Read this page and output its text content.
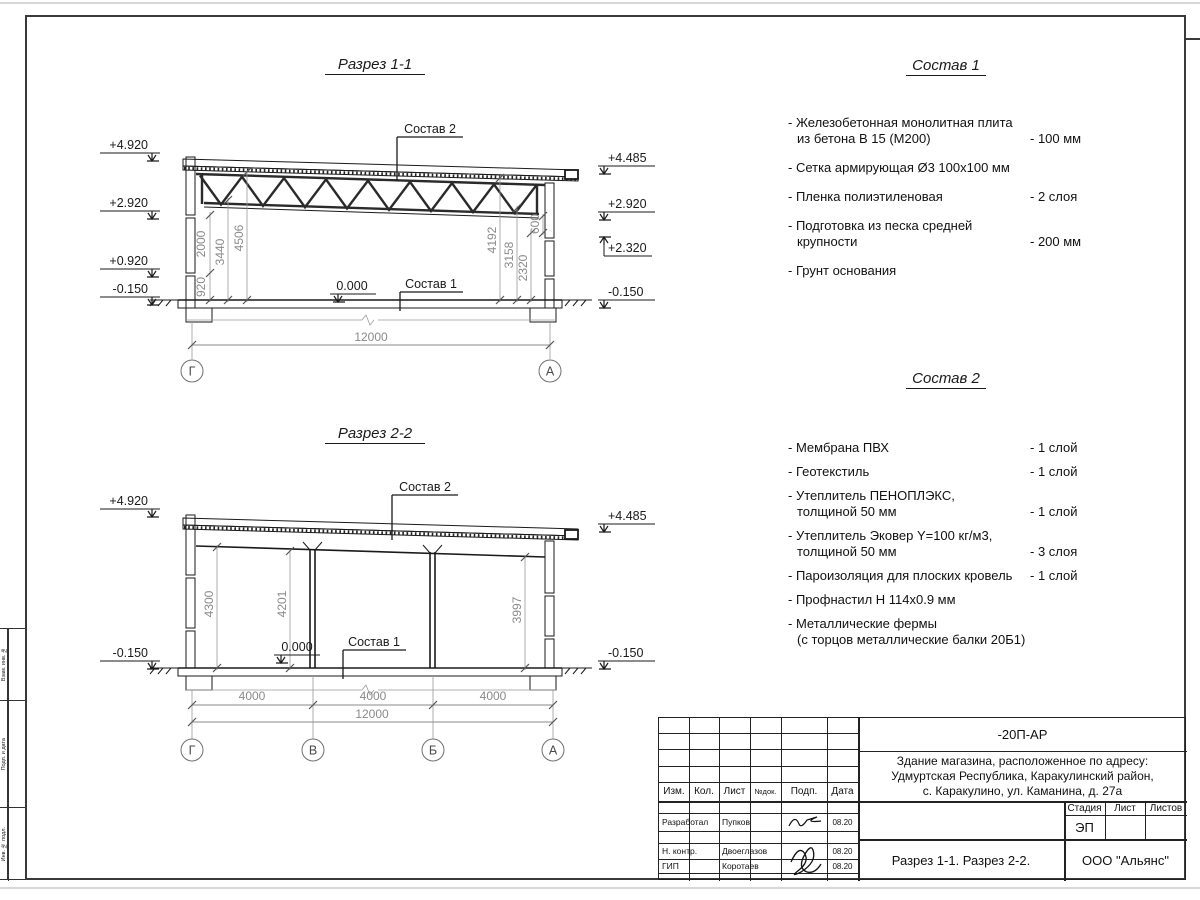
Разрез 1-1
Разрез 2-2
Состав 1
Состав 2
920
2000 3440
4506	4192
3158 2320
600
Состав 2
Состав 1
0.000
+4.920
+2.920
+0.920
-0.150
+4.485
+2.920
+2.320
-0.150
12000
Г	А
4300	4201	3997
Состав 2
Состав 1
0.000
+4.920
-0.150
+4.485
-0.150
4000	4000	4000
12000
Г	В	Б	А
- Железобетонная монолитная плита
из бетона В 15 (М200)	- 100 мм
- Сетка армирующая Ø3 100х100 мм
- Пленка полиэтиленовая	- 2 слоя
- Подготовка из песка средней
крупности	- 200 мм
- Грунт основания
- Мембрана ПВХ	- 1 слой
- Геотекстиль	- 1 слой
- Утеплитель ПЕНОПЛЭКС,
толщиной 50 мм	- 1 слой
- Утеплитель Эковер Y=100 кг/м3,
толщиной 50 мм	- 3 слоя
- Пароизоляция для плоских кровель	- 1 слой
- Профнастил Н 114х0.9 мм
- Металлические фермы
(с торцов металлические балки 20Б1)
Изм. Кол. Лист	№док.	Подп.	Дата
Разработал	Пупков	08.20
Н. контр.	Двоеглазов	08.20
ГИП	Коротаев	08.20
-20П-АР
Здание магазина, расположенное по адресу:
Удмуртская Республика, Каракулинский район,
с. Каракулино, ул. Каманина, д. 27а
Стадия	Лист	Листов
ЭП
Разрез 1-1. Разрез 2-2.	ООО "Альянс"
Взам. инв. №
Подп. и дата
Инв. № подл.
